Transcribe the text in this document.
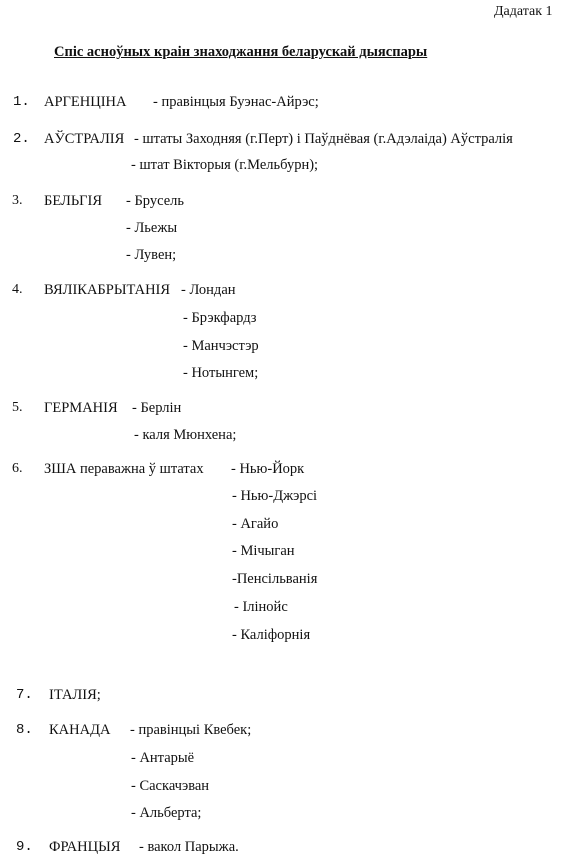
Дадатак 1
Спіс асноўных краін знаходжання беларускай дыяспары
1. АРГЕНЦІНА - правінцыя Буэнас-Айрэс;
2. АЎСТРАЛІЯ - штаты Заходняя (г.Перт) і Паўднёвая (г.Адэлаіда) Аўстралія
- штат Вікторыя (г.Мельбурн);
3. БЕЛЬГІЯ - Брусель
- Льежы
- Лувен;
4. ВЯЛІКАБРЫТАНІЯ - Лондан
- Брэкфардз
- Манчэстэр
- Нотынгем;
5. ГЕРМАНІЯ - Берлін
- каля Мюнхена;
6. ЗША пераважна ў штатах - Нью-Йорк
- Нью-Джэрсі
- Агайо
- Мічыган
-Пенсільванія
- Ілінойс
- Каліфорнія
7. ІТАЛІЯ;
8. КАНАДА - правінцыі Квебек;
- Антарыё
- Саскачэван
- Альберта;
9. ФРАНЦЫЯ - вакол Парыжа.
